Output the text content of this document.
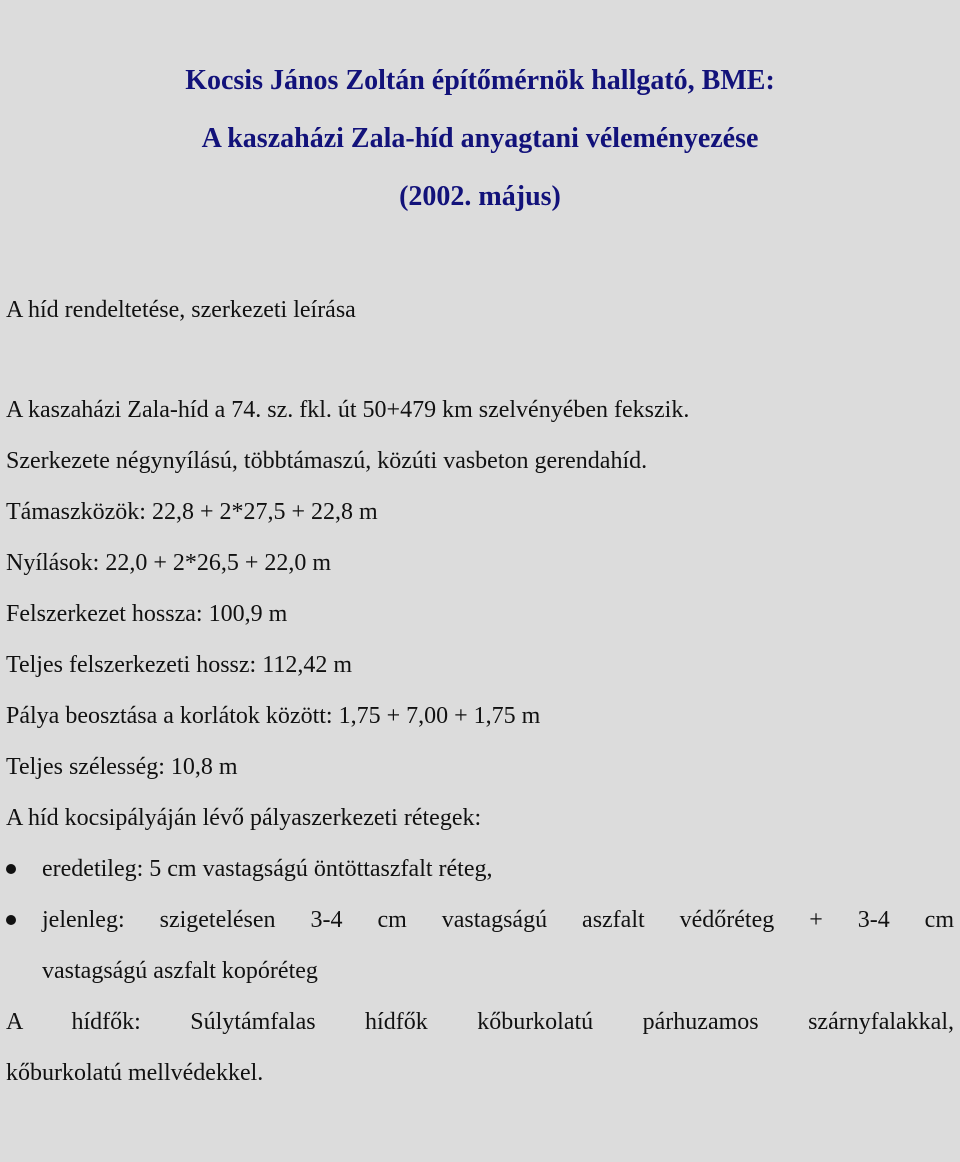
Kocsis János Zoltán építőmérnök hallgató, BME:
A kaszaházi Zala-híd anyagtani véleményezése
(2002. május)
A híd rendeltetése, szerkezeti leírása
A kaszaházi Zala-híd a 74. sz. fkl. út 50+479 km szelvényében fekszik.
Szerkezete négynyílású, többtámaszú, közúti vasbeton gerendahíd.
Támaszközök: 22,8 + 2*27,5 + 22,8 m
Nyílások: 22,0 + 2*26,5 + 22,0 m
Felszerkezet hossza: 100,9 m
Teljes felszerkezeti hossz: 112,42 m
Pálya beosztása a korlátok között: 1,75 + 7,00 + 1,75 m
Teljes szélesség: 10,8 m
A híd kocsipályáján lévő pályaszerkezeti rétegek:
eredetileg: 5 cm vastagságú öntöttaszfalt réteg,
jelenleg: szigetelésen 3-4 cm vastagságú aszfalt védőréteg + 3-4 cm
vastagságú aszfalt kopóréteg
A hídfők: Súlytámfalas hídfők kőburkolatú párhuzamos szárnyfalakkal,
kőburkolatú mellvédekkel.
